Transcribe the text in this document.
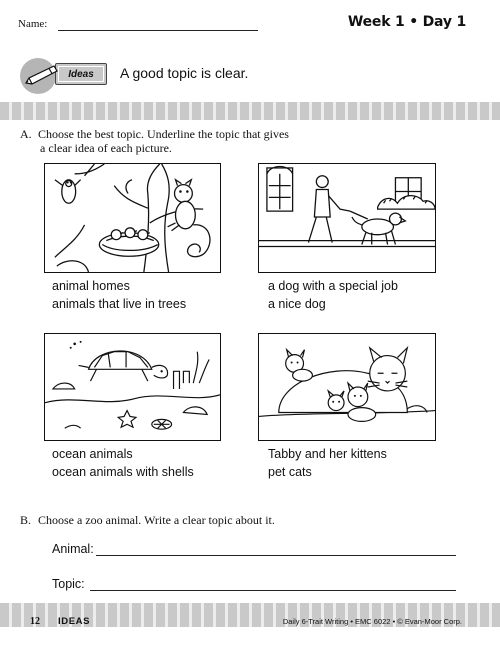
Name:	Week 1 • Day 1
Ideas	A good topic is clear.
A. Choose the best topic. Underline the topic that gives
a clear idea of each picture.
animal homes
animals that live in trees
a dog with a special job
a nice dog
ocean animals
ocean animals with shells
Tabby and her kittens
pet cats
B. Choose a zoo animal. Write a clear topic about it.
Animal:
Topic:
12 IDEAS	Daily 6-Trait Writing • EMC 6022 • © Evan-Moor Corp.
